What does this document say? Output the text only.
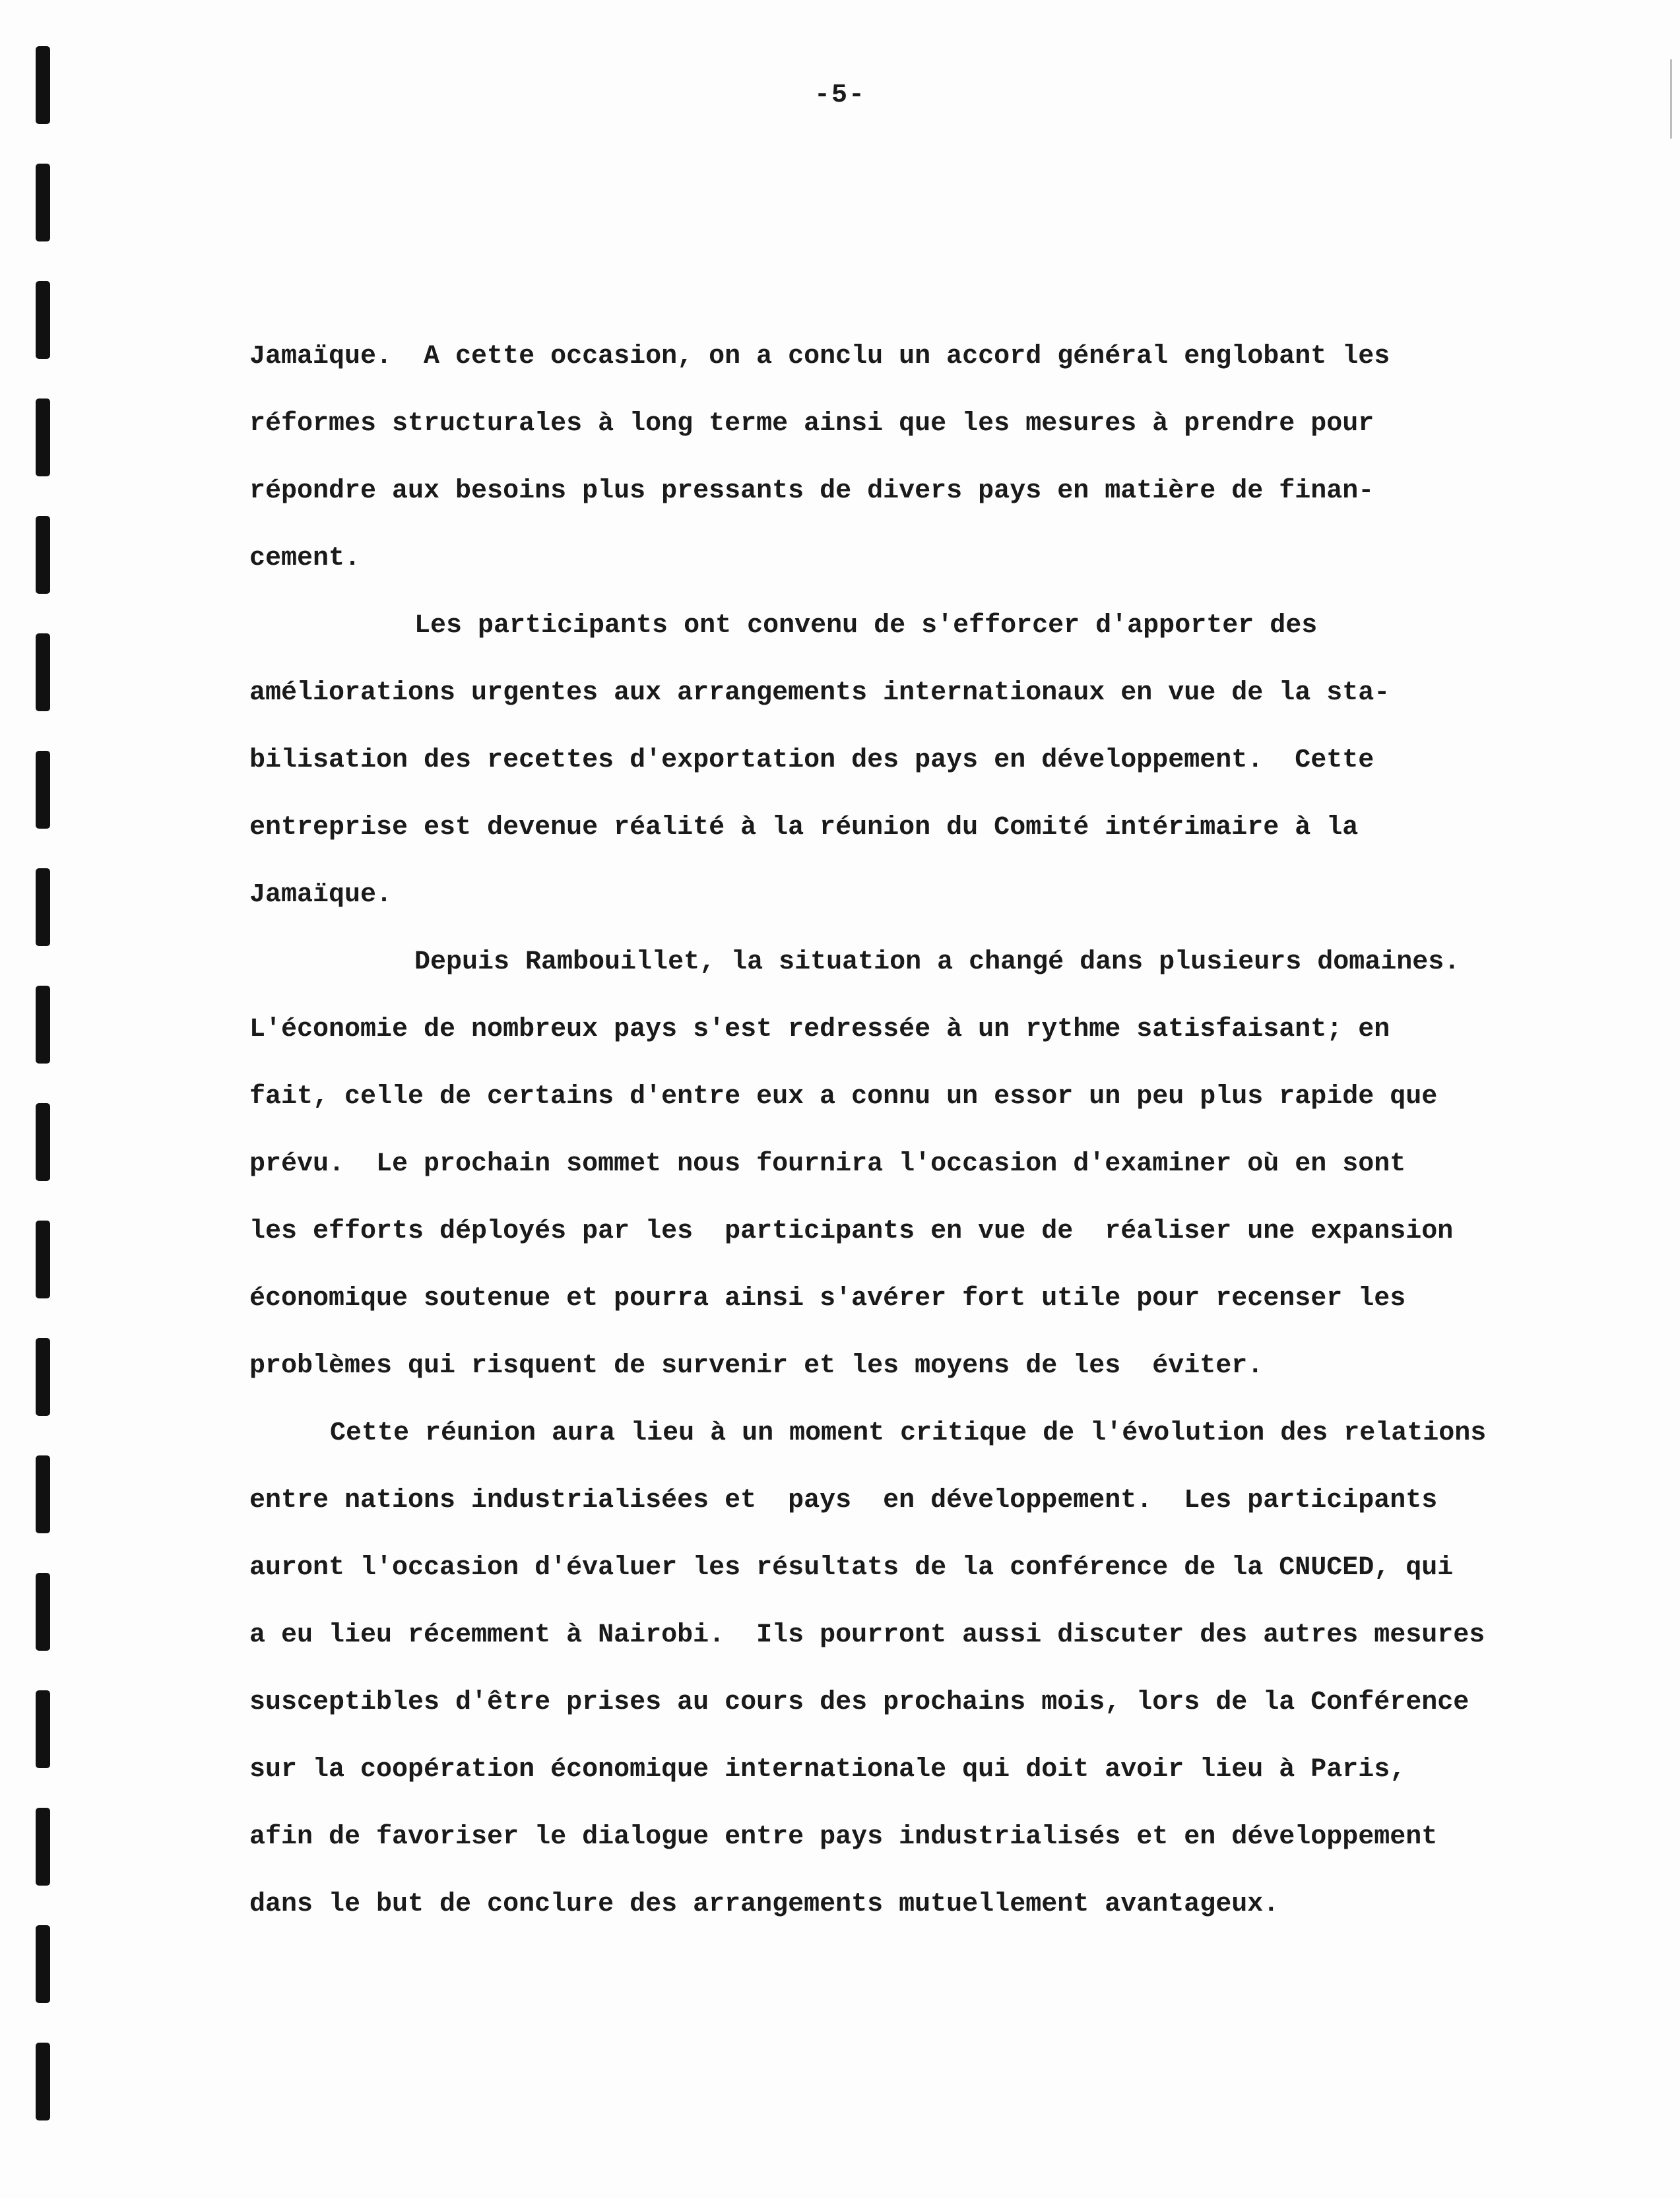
-5-
Jamaïque.  A cette occasion, on a conclu un accord général englobant les
réformes structurales à long terme ainsi que les mesures à prendre pour
répondre aux besoins plus pressants de divers pays en matière de finan-
cement.
Les participants ont convenu de s'efforcer d'apporter des
améliorations urgentes aux arrangements internationaux en vue de la sta-
bilisation des recettes d'exportation des pays en développement.  Cette
entreprise est devenue réalité à la réunion du Comité intérimaire à la
Jamaïque.
Depuis Rambouillet, la situation a changé dans plusieurs domaines.
L'économie de nombreux pays s'est redressée à un rythme satisfaisant; en
fait, celle de certains d'entre eux a connu un essor un peu plus rapide que
prévu.  Le prochain sommet nous fournira l'occasion d'examiner où en sont
les efforts déployés par les  participants en vue de  réaliser une expansion
économique soutenue et pourra ainsi s'avérer fort utile pour recenser les
problèmes qui risquent de survenir et les moyens de les  éviter.
Cette réunion aura lieu à un moment critique de l'évolution des relations
entre nations industrialisées et  pays  en développement.  Les participants
auront l'occasion d'évaluer les résultats de la conférence de la CNUCED, qui
a eu lieu récemment à Nairobi.  Ils pourront aussi discuter des autres mesures
susceptibles d'être prises au cours des prochains mois, lors de la Conférence
sur la coopération économique internationale qui doit avoir lieu à Paris,
afin de favoriser le dialogue entre pays industrialisés et en développement
dans le but de conclure des arrangements mutuellement avantageux.
